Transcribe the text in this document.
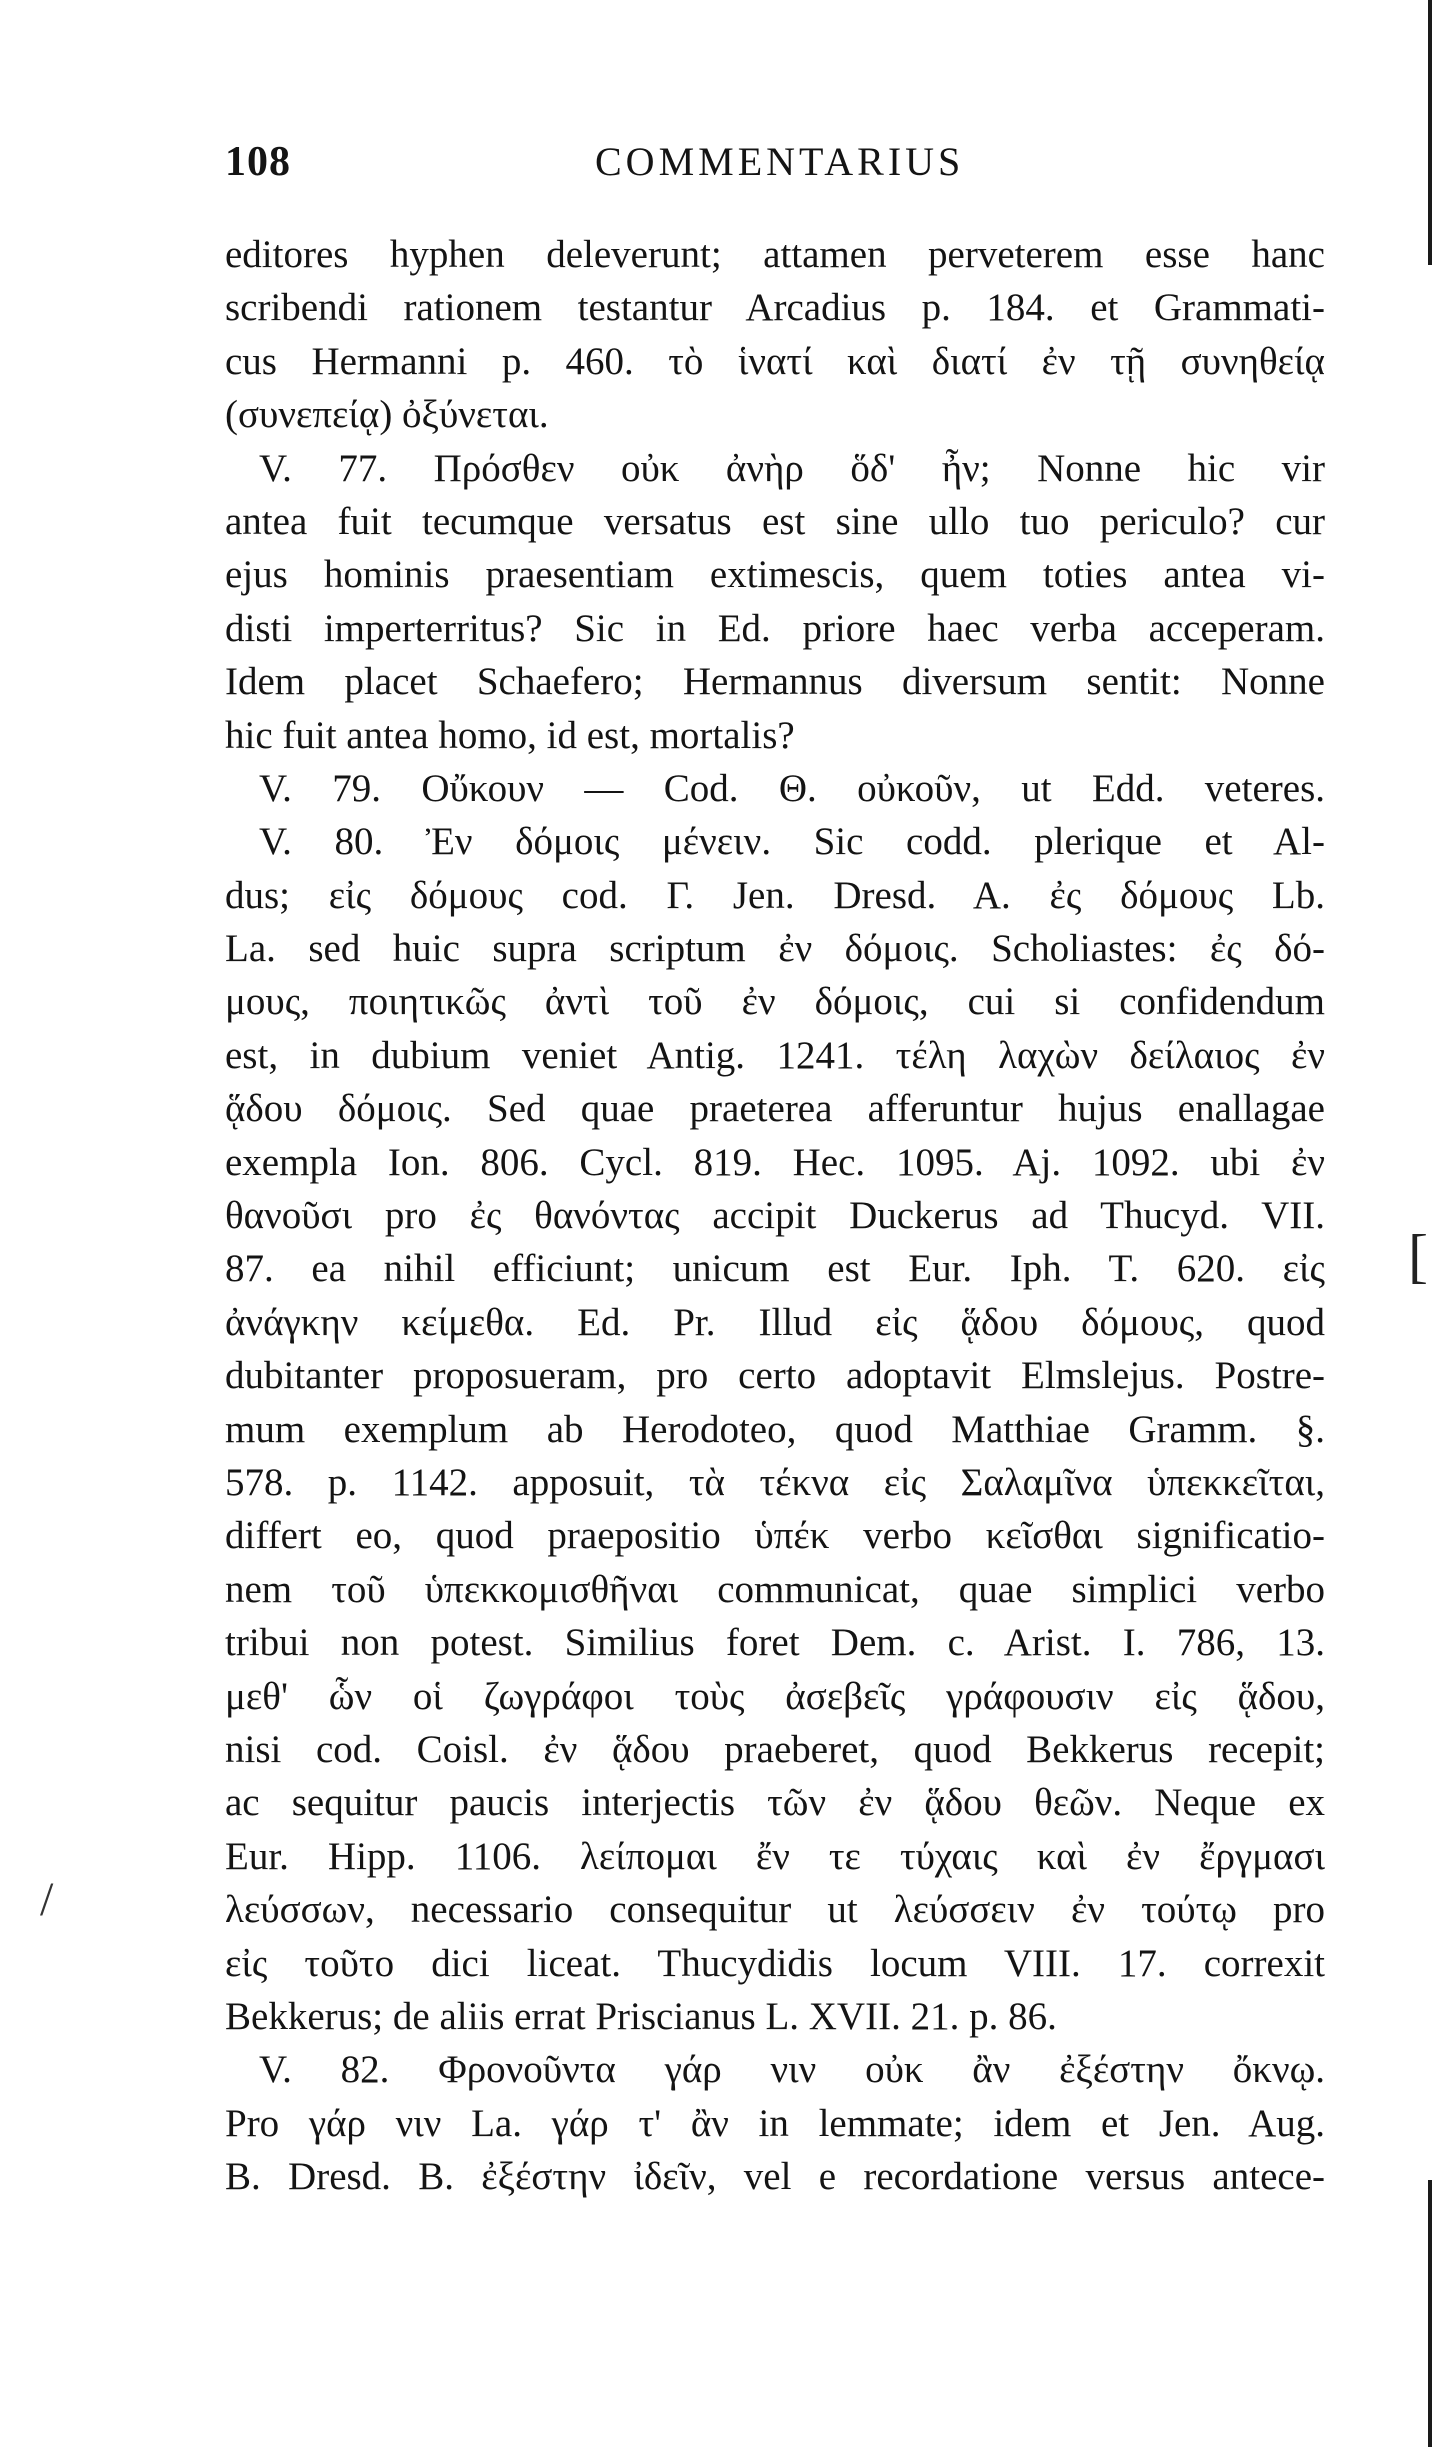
[
/
108	COMMENTARIUS
editores hyphen deleverunt; attamen perveterem esse hanc
scribendi rationem testantur Arcadius p. 184. et Grammati-
cus Hermanni p. 460. τὸ ἱνατί καὶ διατί ἐν τῇ συνηθείᾳ
(συνεπείᾳ) ὀξύνεται.
V. 77. Πρόσθεν οὐκ ἀνὴρ ὅδ' ἦν; Nonne hic vir
antea fuit tecumque versatus est sine ullo tuo periculo? cur
ejus hominis praesentiam extimescis, quem toties antea vi-
disti imperterritus? Sic in Ed. priore haec verba acceperam.
Idem placet Schaefero; Hermannus diversum sentit: Nonne
hic fuit antea homo, id est, mortalis?
V. 79. Οὔκουν — Cod. Θ. οὐκοῦν, ut Edd. veteres.
V. 80. Ἐν δόμοις μένειν. Sic codd. plerique et Al-
dus; εἰς δόμους cod. Γ. Jen. Dresd. A. ἐς δόμους Lb.
La. sed huic supra scriptum ἐν δόμοις. Scholiastes: ἐς δό-
μους, ποιητικῶς ἀντὶ τοῦ ἐν δόμοις, cui si confidendum
est, in dubium veniet Antig. 1241. τέλη λαχὼν δείλαιος ἐν
ᾅδου δόμοις. Sed quae praeterea afferuntur hujus enallagae
exempla Ion. 806. Cycl. 819. Hec. 1095. Aj. 1092. ubi ἐν
θανοῦσι pro ἐς θανόντας accipit Duckerus ad Thucyd. VII.
87. ea nihil efficiunt; unicum est Eur. Iph. T. 620. εἰς
ἀνάγκην κείμεθα. Ed. Pr. Illud εἰς ᾅδου δόμους, quod
dubitanter proposueram, pro certo adoptavit Elmslejus. Postre-
mum exemplum ab Herodoteo, quod Matthiae Gramm. §.
578. p. 1142. apposuit, τὰ τέκνα εἰς Σαλαμῖνα ὑπεκκεῖται,
differt eo, quod praepositio ὑπέκ verbo κεῖσθαι significatio-
nem τοῦ ὑπεκκομισθῆναι communicat, quae simplici verbo
tribui non potest. Similius foret Dem. c. Arist. I. 786, 13.
μεθ' ὧν οἱ ζωγράφοι τοὺς ἀσεβεῖς γράφουσιν εἰς ᾅδου,
nisi cod. Coisl. ἐν ᾅδου praeberet, quod Bekkerus recepit;
ac sequitur paucis interjectis τῶν ἐν ᾅδου θεῶν. Neque ex
Eur. Hipp. 1106. λείπομαι ἔν τε τύχαις καὶ ἐν ἔργμασι
λεύσσων, necessario consequitur ut λεύσσειν ἐν τούτῳ pro
εἰς τοῦτο dici liceat. Thucydidis locum VIII. 17. correxit
Bekkerus; de aliis errat Priscianus L. XVII. 21. p. 86.
V. 82. Φρονοῦντα γάρ νιν οὐκ ἂν ἐξέστην ὄκνῳ.
Pro γάρ νιν La. γάρ τ' ἂν in lemmate; idem et Jen. Aug.
B. Dresd. B. ἐξέστην ἰδεῖν, vel e recordatione versus antece-
